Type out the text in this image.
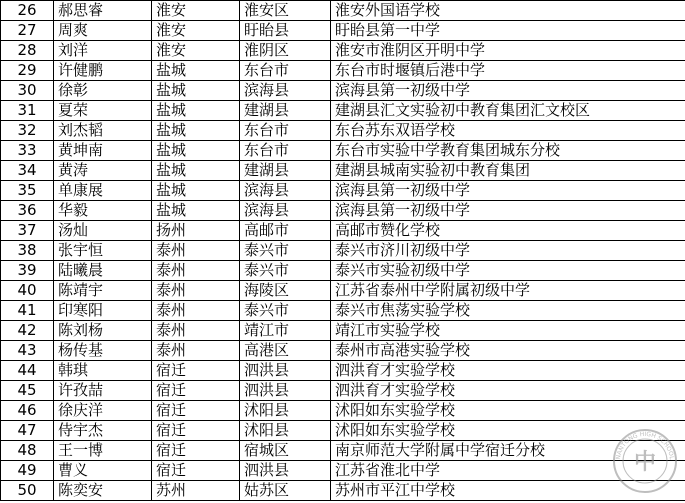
26	郝思睿	淮安	淮安区	淮安外国语学校
27	周爽	淮安	盱眙县	盱眙县第一中学
28	刘洋	淮安	淮阴区	淮安市淮阴区开明中学
29	许健鹏	盐城	东台市	东台市时堰镇后港中学
30	徐彰	盐城	滨海县	滨海县第一初级中学
31	夏荣	盐城	建湖县	建湖县汇文实验初中教育集团汇文校区
32	刘杰韬	盐城	东台市	东台苏东双语学校
33	黄坤南	盐城	东台市	东台市实验中学教育集团城东分校
34	黄涛	盐城	建湖县	建湖县城南实验初中教育集团
35	单康展	盐城	滨海县	滨海县第一初级中学
36	华毅	盐城	滨海县	滨海县第一初级中学
37	汤灿	扬州	高邮市	高邮市赞化学校
38	张宇恒	泰州	泰兴市	泰兴市济川初级中学
39	陆曦晨	泰州	泰兴市	泰兴市实验初级中学
40	陈靖宇	泰州	海陵区	江苏省泰州中学附属初级中学
41	印寒阳	泰州	泰兴市	泰兴市焦荡实验学校
42	陈刘杨	泰州	靖江市	靖江市实验学校
43	杨传基	泰州	高港区	泰州市高港实验学校
44	韩琪	宿迁	泗洪县	泗洪育才实验学校
45	许孜喆	宿迁	泗洪县	泗洪育才实验学校
46	徐庆洋	宿迁	沭阳县	沭阳如东实验学校
47	侍宇杰	宿迁	沭阳县	沭阳如东实验学校
48	王一博	宿迁	宿城区	南京师范大学附属中学宿迁分校
49	曹义	宿迁	泗洪县	江苏省淮北中学
50	陈奕安	苏州	姑苏区	苏州市平江中学校
NANTONG HIGH SCHOOL
中
